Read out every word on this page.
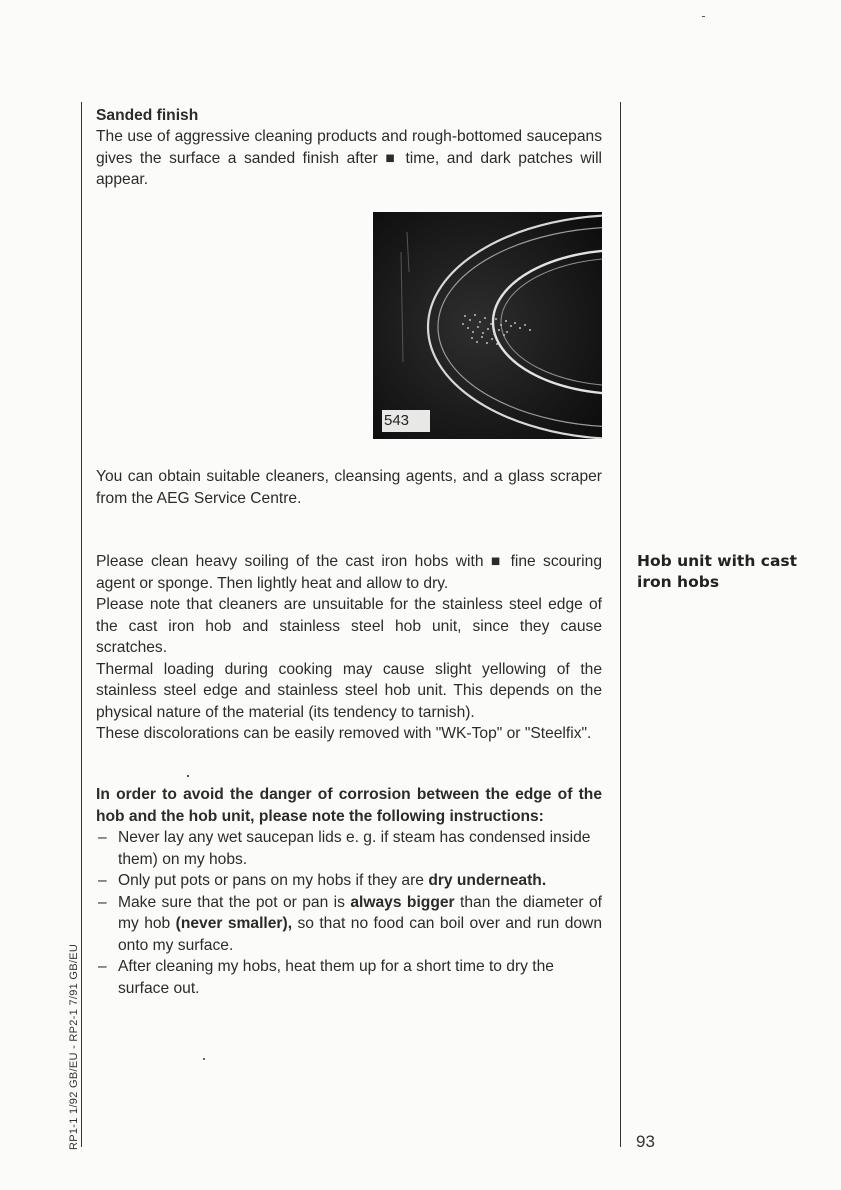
RP1-1 1/92 GB/EU - RP2-1 7/91 GB/EU
Sanded finish

The use of aggressive cleaning products and rough-bottomed saucepans gives the surface a sanded finish after ■ time, and dark patches will appear.

543

You can obtain suitable cleaners, cleansing agents, and a glass scraper from the AEG Service Centre.

Hob unit with cast iron hobs

Please clean heavy soiling of the cast iron hobs with ■ fine scouring agent or sponge. Then lightly heat and allow to dry.

Please note that cleaners are unsuitable for the stainless steel edge of the cast iron hob and stainless steel hob unit, since they cause scratches.

Thermal loading during cooking may cause slight yellowing of the stainless steel edge and stainless steel hob unit. This depends on the physical nature of the material (its tendency to tarnish).

These discolorations can be easily removed with "WK-Top" or "Steelfix".

In order to avoid the danger of corrosion between the edge of the hob and the hob unit, please note the following instructions:

– Never lay any wet saucepan lids e. g. if steam has condensed inside them) on my hobs.
– Only put pots or pans on my hobs if they are dry underneath.
– Make sure that the pot or pan is always bigger than the diameter of my hob (never smaller), so that no food can boil over and run down onto my surface.
– After cleaning my hobs, heat them up for a short time to dry the surface out.
93
